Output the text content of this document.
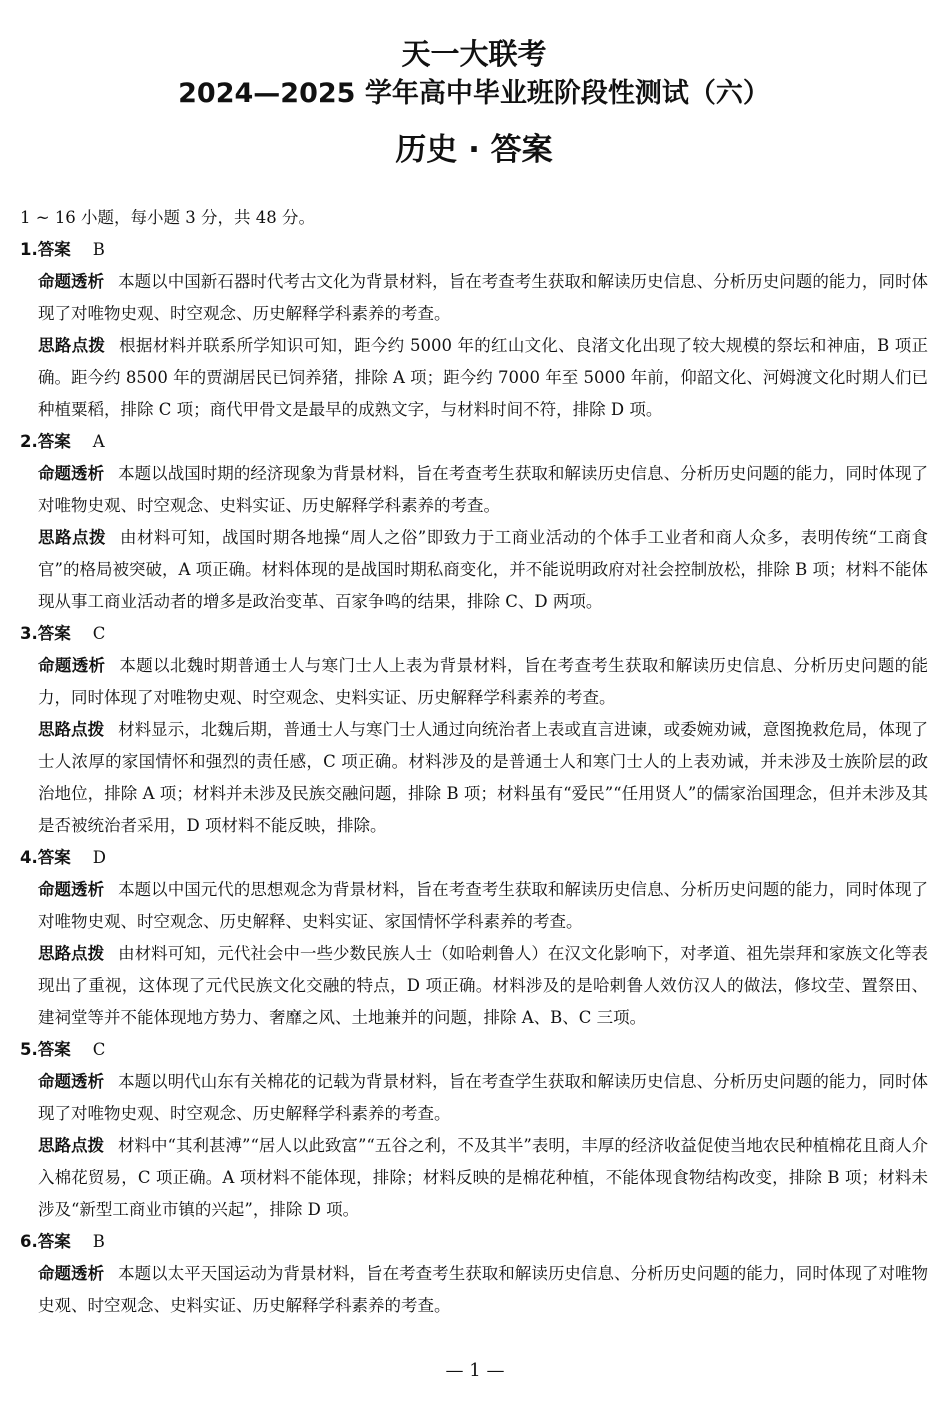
天一大联考
2024—2025 学年高中毕业班阶段性测试（六）
历史 · 答案
1 ~ 16 小题，每小题 3 分，共 48 分。
1.答案 B
命题透析 本题以中国新石器时代考古文化为背景材料，旨在考查考生获取和解读历史信息、分析历史问题的能力，同时体现了对唯物史观、时空观念、历史解释学科素养的考查。
思路点拨 根据材料并联系所学知识可知，距今约 5000 年的红山文化、良渚文化出现了较大规模的祭坛和神庙，B 项正确。距今约 8500 年的贾湖居民已饲养猪，排除 A 项；距今约 7000 年至 5000 年前，仰韶文化、河姆渡文化时期人们已种植粟稻，排除 C 项；商代甲骨文是最早的成熟文字，与材料时间不符，排除 D 项。
2.答案 A
命题透析 本题以战国时期的经济现象为背景材料，旨在考查考生获取和解读历史信息、分析历史问题的能力，同时体现了对唯物史观、时空观念、史料实证、历史解释学科素养的考查。
思路点拨 由材料可知，战国时期各地操“周人之俗”即致力于工商业活动的个体手工业者和商人众多，表明传统“工商食官”的格局被突破，A 项正确。材料体现的是战国时期私商变化，并不能说明政府对社会控制放松，排除 B 项；材料不能体现从事工商业活动者的增多是政治变革、百家争鸣的结果，排除 C、D 两项。
3.答案 C
命题透析 本题以北魏时期普通士人与寒门士人上表为背景材料，旨在考查考生获取和解读历史信息、分析历史问题的能力，同时体现了对唯物史观、时空观念、史料实证、历史解释学科素养的考查。
思路点拨 材料显示，北魏后期，普通士人与寒门士人通过向统治者上表或直言进谏，或委婉劝诫，意图挽救危局，体现了士人浓厚的家国情怀和强烈的责任感，C 项正确。材料涉及的是普通士人和寒门士人的上表劝诫，并未涉及士族阶层的政治地位，排除 A 项；材料并未涉及民族交融问题，排除 B 项；材料虽有“爱民”“任用贤人”的儒家治国理念，但并未涉及其是否被统治者采用，D 项材料不能反映，排除。
4.答案 D
命题透析 本题以中国元代的思想观念为背景材料，旨在考查考生获取和解读历史信息、分析历史问题的能力，同时体现了对唯物史观、时空观念、历史解释、史料实证、家国情怀学科素养的考查。
思路点拨 由材料可知，元代社会中一些少数民族人士（如哈剌鲁人）在汉文化影响下，对孝道、祖先崇拜和家族文化等表现出了重视，这体现了元代民族文化交融的特点，D 项正确。材料涉及的是哈剌鲁人效仿汉人的做法，修坟茔、置祭田、建祠堂等并不能体现地方势力、奢靡之风、土地兼并的问题，排除 A、B、C 三项。
5.答案 C
命题透析 本题以明代山东有关棉花的记载为背景材料，旨在考查学生获取和解读历史信息、分析历史问题的能力，同时体现了对唯物史观、时空观念、历史解释学科素养的考查。
思路点拨 材料中“其利甚溥”“居人以此致富”“五谷之利，不及其半”表明，丰厚的经济收益促使当地农民种植棉花且商人介入棉花贸易，C 项正确。A 项材料不能体现，排除；材料反映的是棉花种植，不能体现食物结构改变，排除 B 项；材料未涉及“新型工商业市镇的兴起”，排除 D 项。
6.答案 B
命题透析 本题以太平天国运动为背景材料，旨在考查考生获取和解读历史信息、分析历史问题的能力，同时体现了对唯物史观、时空观念、史料实证、历史解释学科素养的考查。
— 1 —
